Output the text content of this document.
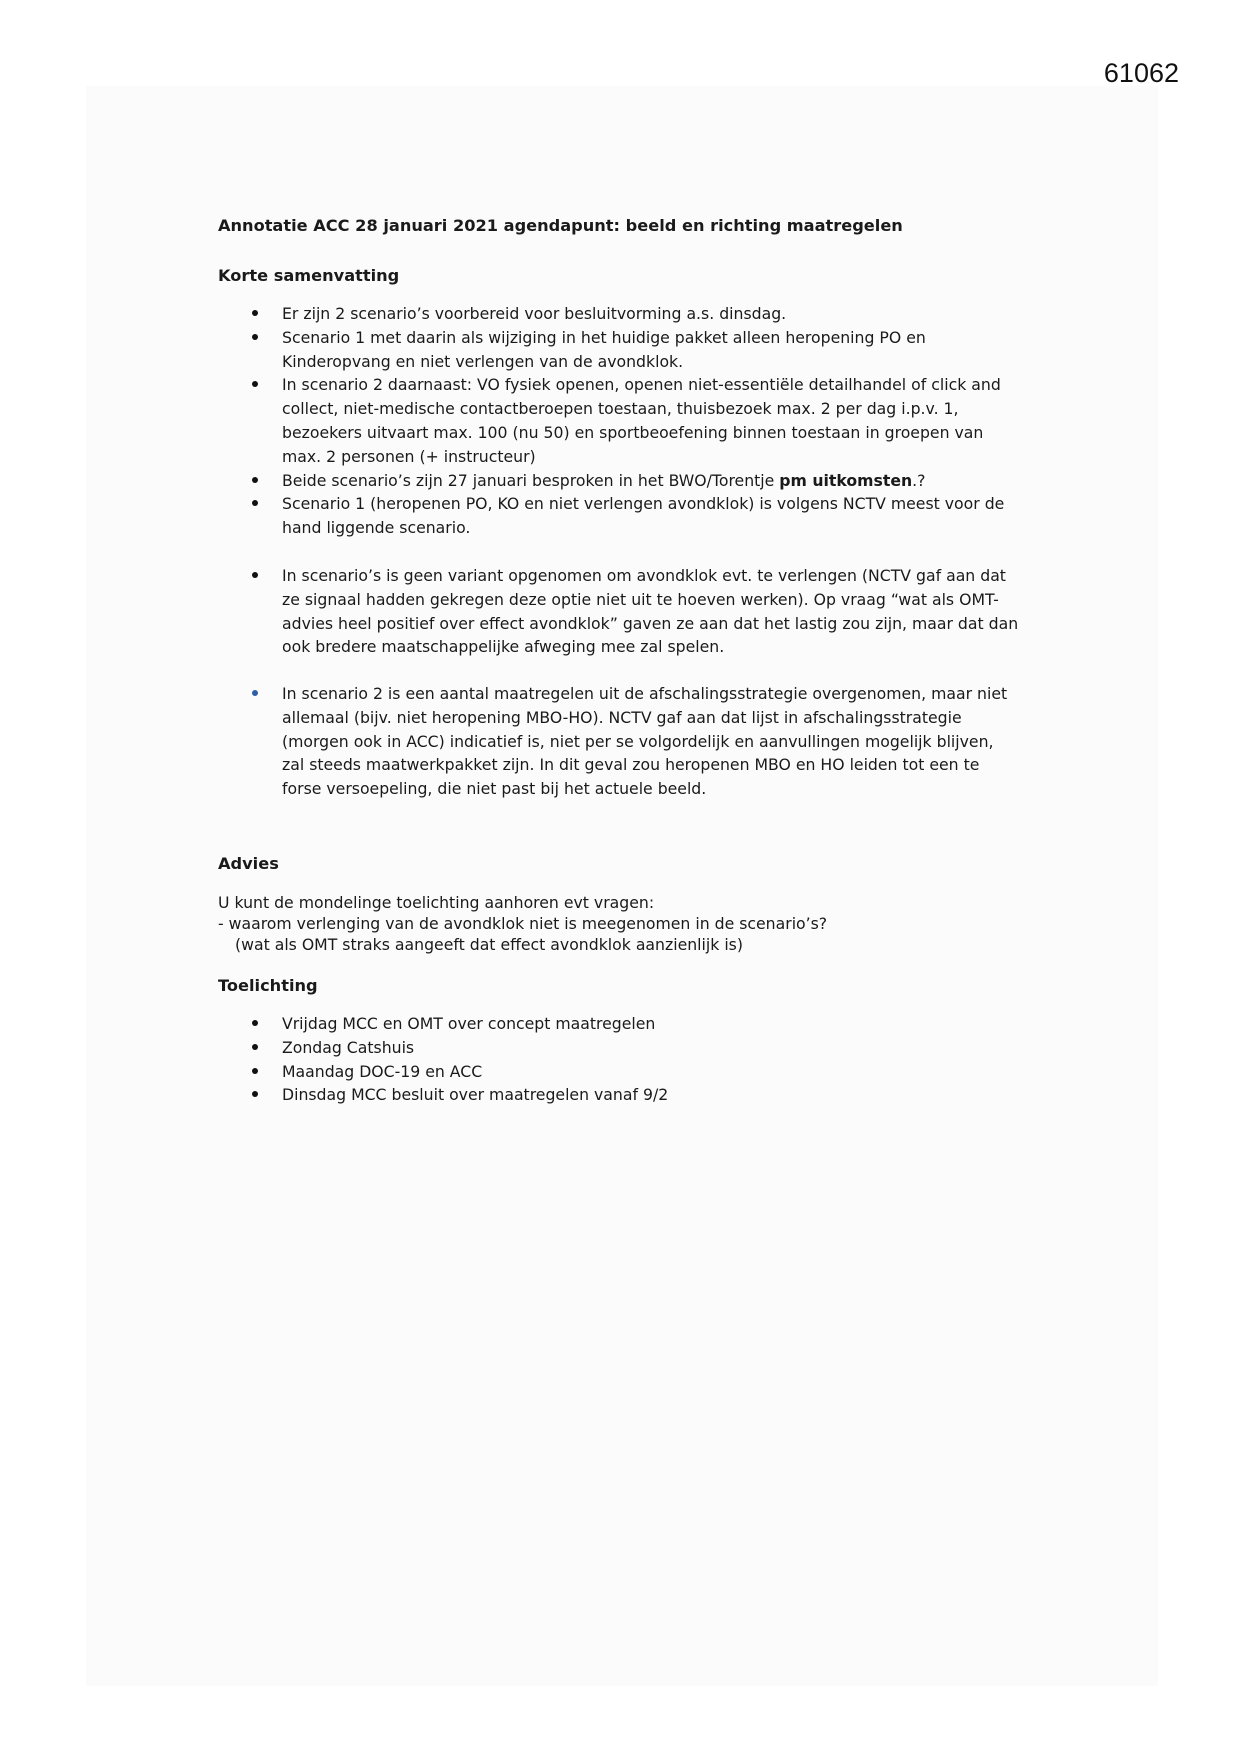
61062
Annotatie ACC 28 januari 2021 agendapunt: beeld en richting maatregelen
Korte samenvatting
Er zijn 2 scenario’s voorbereid voor besluitvorming a.s. dinsdag.
Scenario 1 met daarin als wijziging in het huidige pakket alleen heropening PO en
Kinderopvang en niet verlengen van de avondklok.
In scenario 2 daarnaast: VO fysiek openen, openen niet-essentiële detailhandel of click and
collect, niet-medische contactberoepen toestaan, thuisbezoek max. 2 per dag i.p.v. 1,
bezoekers uitvaart max. 100 (nu 50) en sportbeoefening binnen toestaan in groepen van
max. 2 personen (+ instructeur)
Beide scenario’s zijn 27 januari besproken in het BWO/Torentje pm uitkomsten.?
Scenario 1 (heropenen PO, KO en niet verlengen avondklok) is volgens NCTV meest voor de
hand liggende scenario.
In scenario’s is geen variant opgenomen om avondklok evt. te verlengen (NCTV gaf aan dat
ze signaal hadden gekregen deze optie niet uit te hoeven werken). Op vraag “wat als OMT-
advies heel positief over effect avondklok” gaven ze aan dat het lastig zou zijn, maar dat dan
ook bredere maatschappelijke afweging mee zal spelen.
In scenario 2 is een aantal maatregelen uit de afschalingsstrategie overgenomen, maar niet
allemaal (bijv. niet heropening MBO-HO). NCTV gaf aan dat lijst in afschalingsstrategie
(morgen ook in ACC) indicatief is, niet per se volgordelijk en aanvullingen mogelijk blijven,
zal steeds maatwerkpakket zijn. In dit geval zou heropenen MBO en HO leiden tot een te
forse versoepeling, die niet past bij het actuele beeld.
Advies
U kunt de mondelinge toelichting aanhoren evt vragen:
- waarom verlenging van de avondklok niet is meegenomen in de scenario’s?
(wat als OMT straks aangeeft dat effect avondklok aanzienlijk is)
Toelichting
Vrijdag MCC en OMT over concept maatregelen
Zondag Catshuis
Maandag DOC-19 en ACC
Dinsdag MCC besluit over maatregelen vanaf 9/2
